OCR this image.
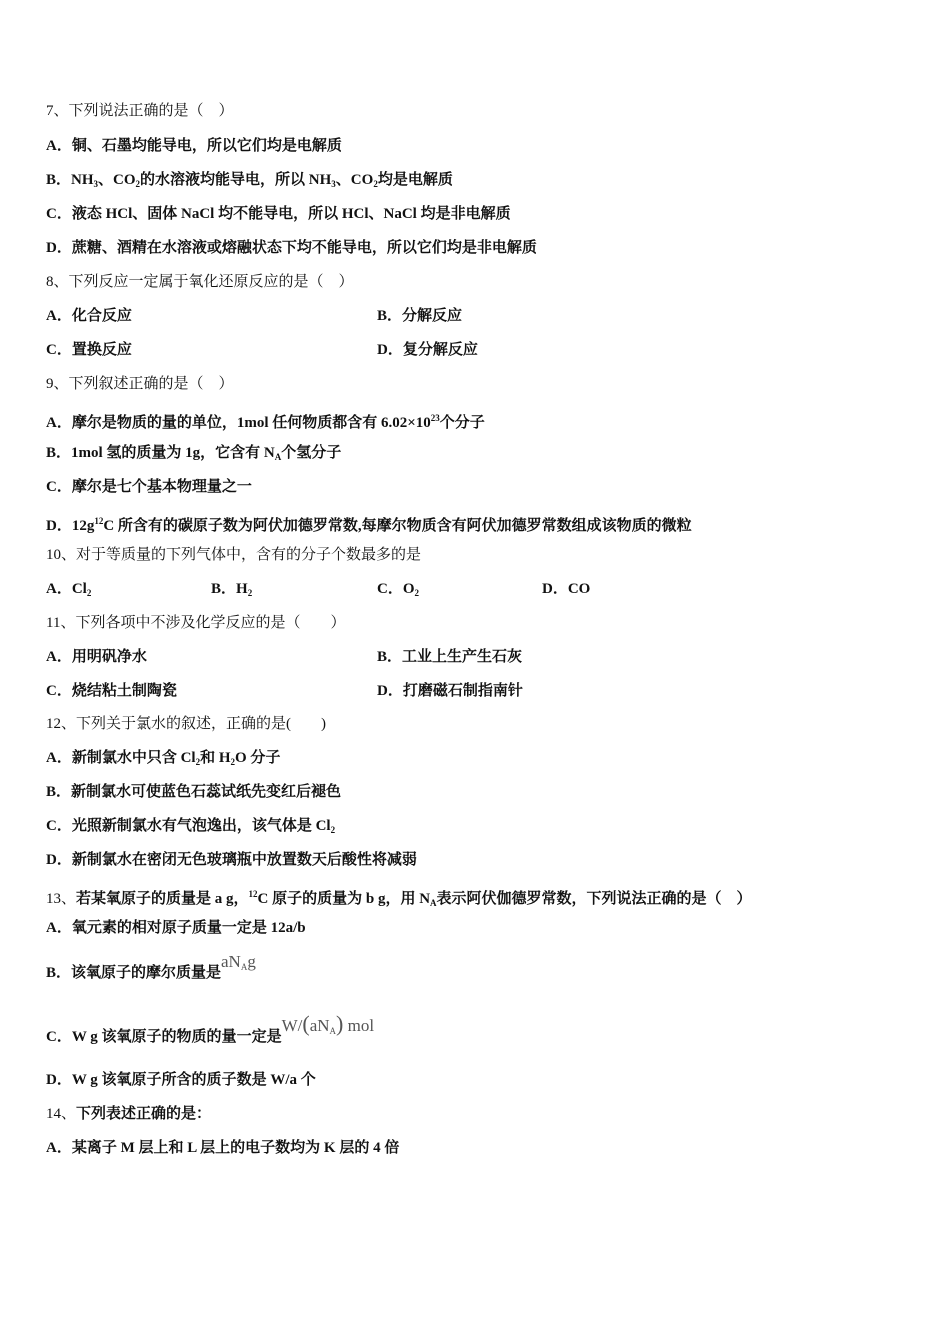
7、下列说法正确的是（　）
A．铜、石墨均能导电，所以它们均是电解质
B．$NH_3$、$CO_2$的水溶液均能导电，所以 $NH_3$、$CO_2$均是电解质
C．液态 HCl、固体 NaCl 均不能导电，所以 HCl、NaCl 均是非电解质
D．蔗糖、酒精在水溶液或熔融状态下均不能导电，所以它们均是非电解质
8、下列反应一定属于氧化还原反应的是（　）
A．化合反应	B．分解反应
C．置换反应	D．复分解反应
9、下列叙述正确的是（　）
A．摩尔是物质的量的单位，1mol 任何物质都含有 $6.02\times 10^{23}$个分子
B．1mol 氢的质量为 1g，它含有 $N_A$个氢分子
C．摩尔是七个基本物理量之一
D．$12g^{12}C$ 所含有的碳原子数为阿伏加德罗常数,每摩尔物质含有阿伏加德罗常数组成该物质的微粒
10、对于等质量的下列气体中，含有的分子个数最多的是
A．$Cl_2$	B．$H_2$	C．$O_2$	D．CO
11、下列各项中不涉及化学反应的是（　　）
A．用明矾净水	B．工业上生产生石灰
C．烧结粘土制陶瓷	D．打磨磁石制指南针
12、下列关于氯水的叙述，正确的是(　　)
A．新制氯水中只含 $Cl_2$和 $H_2O$ 分子
B．新制氯水可使蓝色石蕊试纸先变红后褪色
C．光照新制氯水有气泡逸出，该气体是 $Cl_2$
D．新制氯水在密闭无色玻璃瓶中放置数天后酸性将减弱
13、若某氧原子的质量是 a g，$^{12}$C 原子的质量为 b g，用 $N_A$表示阿伏伽德罗常数，下列说法正确的是（　）
A．氧元素的相对原子质量一定是 12a/b
B．该氧原子的摩尔质量是$aN_Ag$
C．W g 该氧原子的物质的量一定是$W/(aN_A)$ mol
D．W g 该氧原子所含的质子数是 W/a 个
14、下列表述正确的是：
A．某离子 M 层上和 L 层上的电子数均为 K 层的 4 倍
